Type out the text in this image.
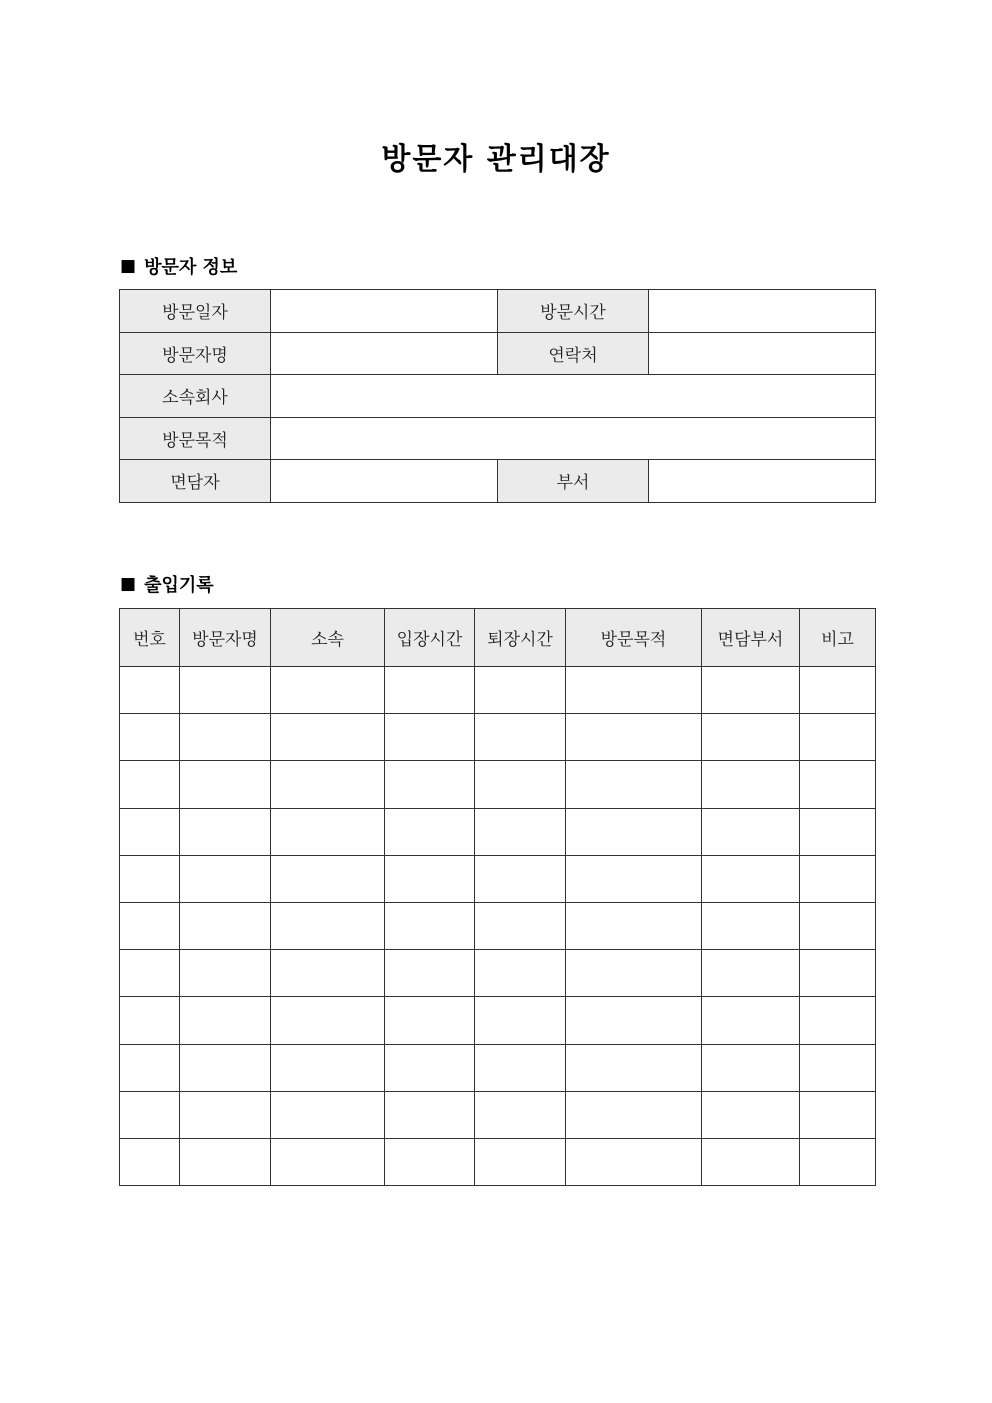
방문자 관리대장
■ 방문자 정보
방문일자		방문시간	
방문자명		연락처	
소속회사			
방문목적			
면담자		부서	
■ 출입기록
번호	방문자명	소속	입장시간	퇴장시간	방문목적	면담부서	비고
